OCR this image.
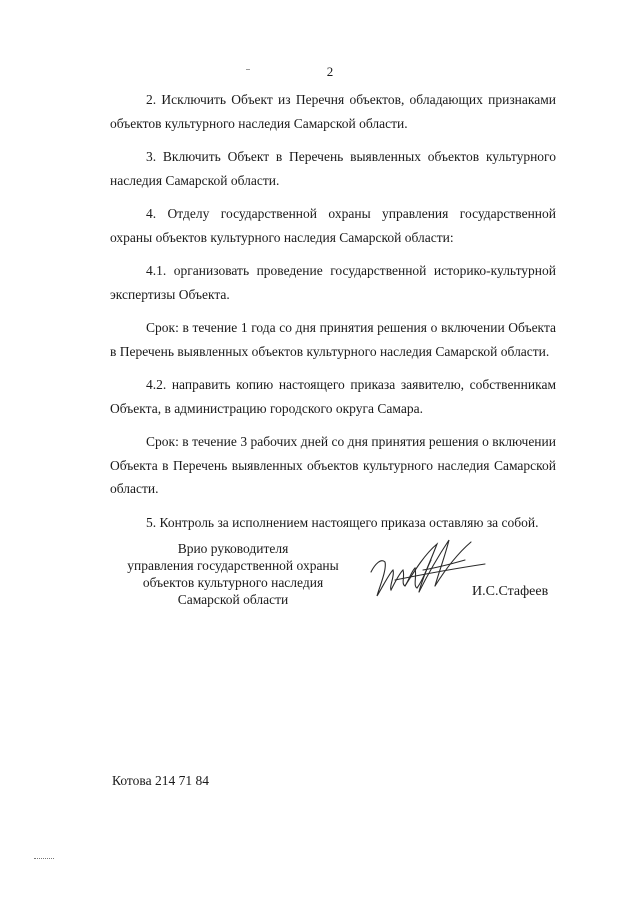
2

2. Исключить Объект из Перечня объектов, обладающих признаками объектов культурного наследия Самарской области.

3. Включить Объект в Перечень выявленных объектов культурного наследия Самарской области.

4. Отделу государственной охраны управления государственной охраны объектов культурного наследия Самарской области:

4.1. организовать проведение государственной историко-культурной экспертизы Объекта.

Срок: в течение 1 года со дня принятия решения о включении Объекта в Перечень выявленных объектов культурного наследия Самарской области.

4.2. направить копию настоящего приказа заявителю, собственникам Объекта, в администрацию городского округа Самара.

Срок: в течение 3 рабочих дней со дня принятия решения о включении Объекта в Перечень выявленных объектов культурного наследия Самарской области.

5. Контроль за исполнением настоящего приказа оставляю за собой.

Врио руководителя
управления государственной охраны
объектов культурного наследия
Самарской области
И.С.Стафеев
Котова 214 71 84
